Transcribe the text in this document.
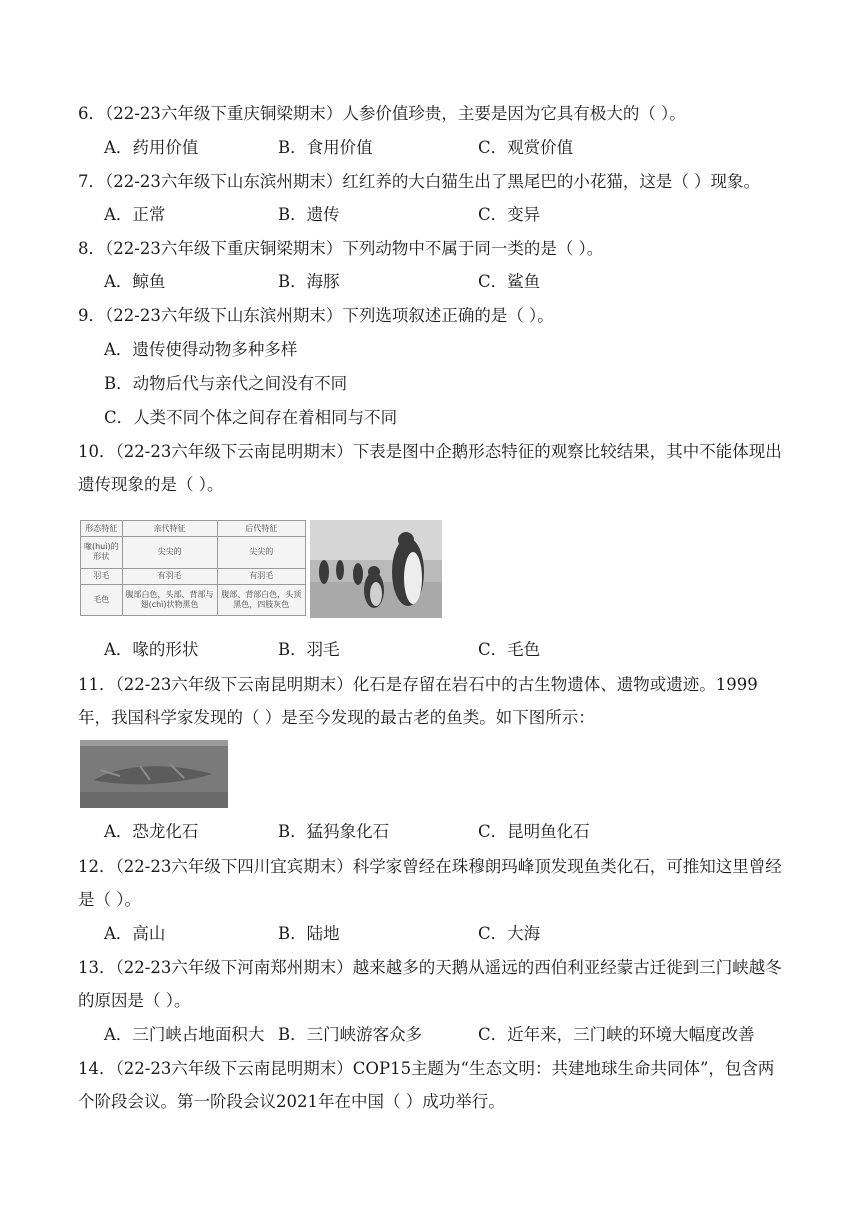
6．（22-23六年级下重庆铜梁期末）人参价值珍贵，主要是因为它具有极大的（ ）。
A．药用价值	B．食用价值	C．观赏价值
7．（22-23六年级下山东滨州期末）红红养的大白猫生出了黑尾巴的小花猫，这是（ ）现象。
A．正常	B．遗传	C．变异
8．（22-23六年级下重庆铜梁期末）下列动物中不属于同一类的是（ ）。
A．鲸鱼	B．海豚	C．鲨鱼
9．（22-23六年级下山东滨州期末）下列选项叙述正确的是（ ）。
A．遗传使得动物多种多样
B．动物后代与亲代之间没有不同
C．人类不同个体之间存在着相同与不同
10．（22-23六年级下云南昆明期末）下表是图中企鹅形态特征的观察比较结果，其中不能体现出遗传现象的是（ ）。
形态特征	亲代特征	后代特征
喙(huì)的形状	尖尖的	尖尖的
羽毛	有羽毛	有羽毛
毛色	腹部白色，头部、背部与翅(chì)状物黑色	腹部、背部白色，头顶黑色，四肢灰色
A．喙的形状	B．羽毛	C．毛色
11．（22-23六年级下云南昆明期末）化石是存留在岩石中的古生物遗体、遗物或遗迹。1999年，我国科学家发现的（ ）是至今发现的最古老的鱼类。如下图所示：
A．恐龙化石	B．猛犸象化石	C．昆明鱼化石
12．（22-23六年级下四川宜宾期末）科学家曾经在珠穆朗玛峰顶发现鱼类化石，可推知这里曾经是（ ）。
A．高山	B．陆地	C．大海
13．（22-23六年级下河南郑州期末）越来越多的天鹅从遥远的西伯利亚经蒙古迁徙到三门峡越冬的原因是（ ）。
A．三门峡占地面积大 B．三门峡游客众多	C．近年来，三门峡的环境大幅度改善
14．（22-23六年级下云南昆明期末）COP15主题为“生态文明：共建地球生命共同体”，包含两个阶段会议。第一阶段会议2021年在中国（ ）成功举行。
